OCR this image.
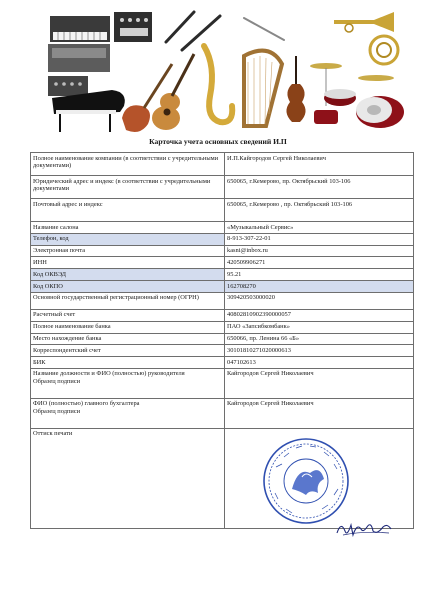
Карточка учета основных сведений И.П
Полное наименование компании (в соответствии с учредительными документами)	И.П.Кайгородов Сергей Николаевич
Юридический адрес и индекс (в соответствии с учредительными документами	650065, г.Кемерово, пр. Октябрьский 103-106
Почтовый адрес и индекс	650065, г.Кемерово , пр. Октябрьский 103-106
Название салона	«Музыкальный Сервис»
Телефон, код	8-913-307-22-01
Электронная почта	kasni@inbox.ru
ИНН	420509906271
Код ОКВЭД	95.21
Код ОКПО	162708270
Основной государственный регистрационный номер (ОГРН)	309420503000020
Расчетный счет	40802810902390000057
Полное наименование банка	ПАО «Запсибкомбанк»
Место нахождение банка	650066, пр. Ленина 66 «Б»
Корреспондентский счет	30101810271020000613
БИК	047102613

Название должности и ФИО (полностью) руководителя
Образец подписи	Кайгородов Сергей Николаевич

ФИО (полностью) главного бухгалтера
Образец подписи	Кайгородов Сергей Николаевич
Оттиск печати	
